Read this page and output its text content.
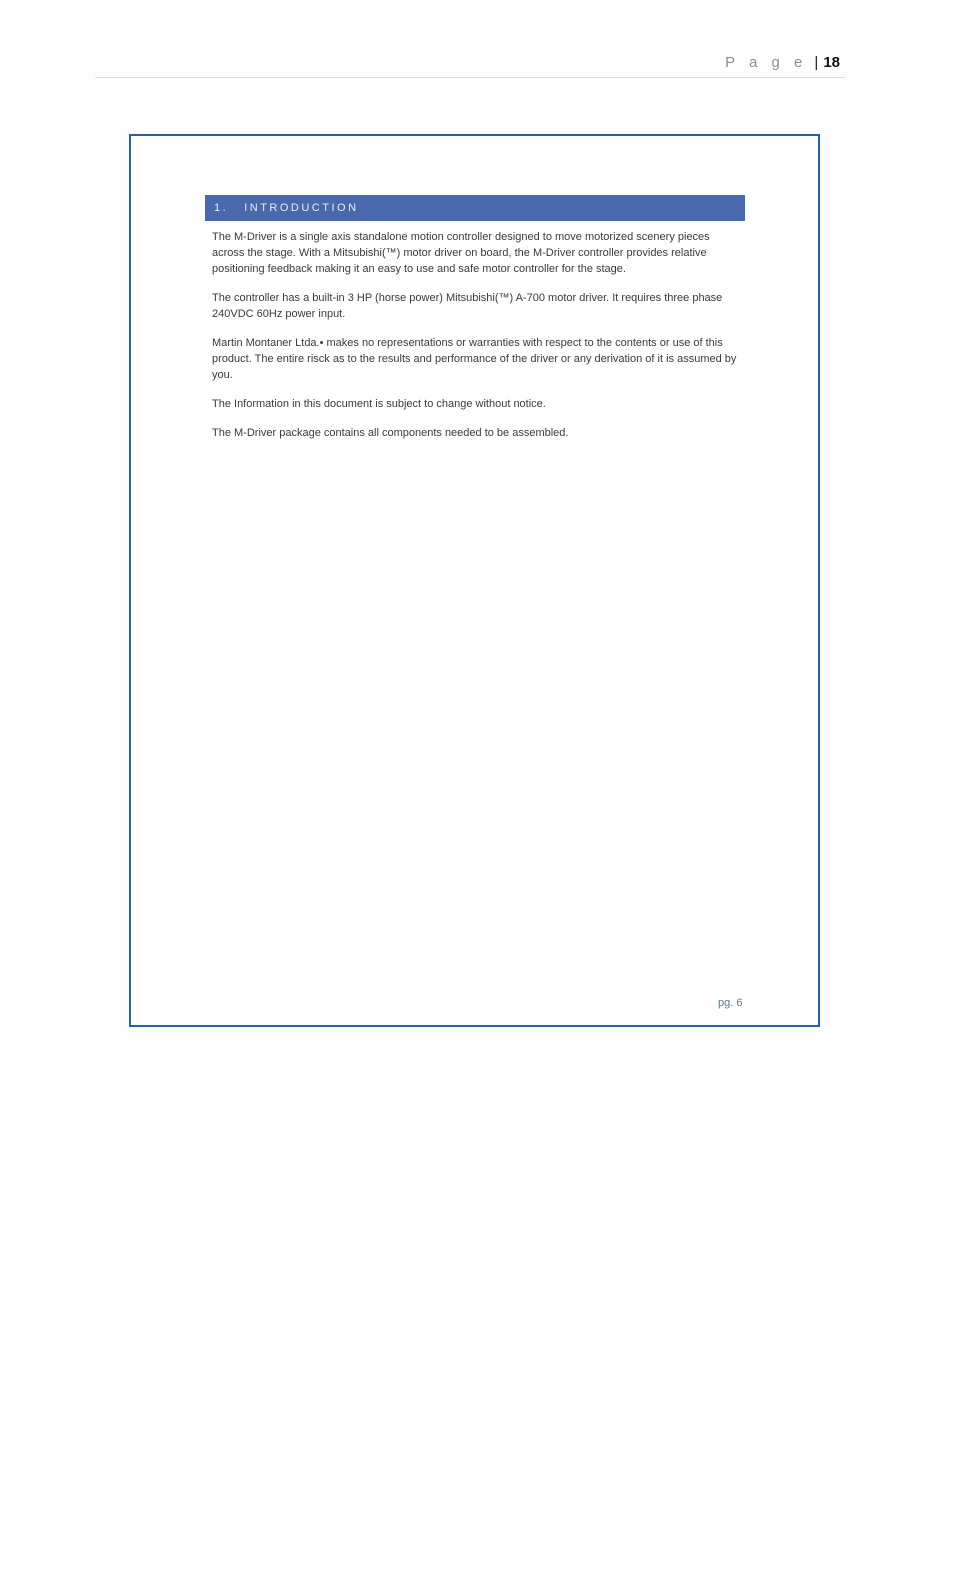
P a g e | 18
1. INTRODUCTION

The M-Driver is a single axis standalone motion controller designed to move motorized scenery pieces across the stage. With a Mitsubishi(™) motor driver on board, the M-Driver controller provides relative positioning feedback making it an easy to use and safe motor controller for the stage.

The controller has a built-in 3 HP (horse power) Mitsubishi(™) A-700 motor driver. It requires three phase 240VDC 60Hz power input.

Martin Montaner Ltda.• makes no representations or warranties with respect to the contents or use of this product. The entire risck as to the results and performance of the driver or any derivation of it is assumed by you.

The Information in this document is subject to change without notice.

The M-Driver package contains all components needed to be assembled.

pg. 6
